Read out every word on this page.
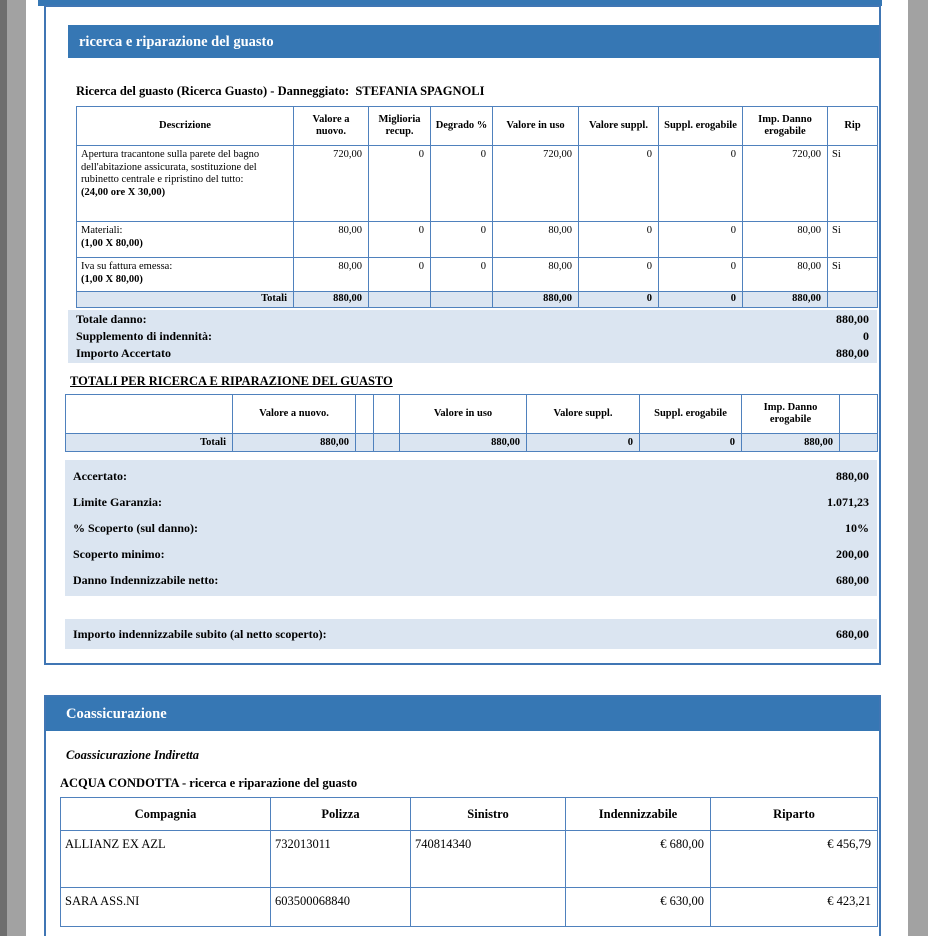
ricerca e riparazione del guasto
Ricerca del guasto (Ricerca Guasto) - Danneggiato:  STEFANIA SPAGNOLI
Descrizione	Valore a nuovo.	Miglioria recup.	Degrado %	Valore in uso	Valore suppl.	Suppl. erogabile	Imp. Danno erogabile	Rip
Apertura tracantone sulla parete del bagno dell'abitazione assicurata, sostituzione del rubinetto centrale e ripristino del tutto:
(24,00 ore X 30,00)	720,00	0	0	720,00	0	0	720,00	Si
Materiali:
(1,00 X 80,00)	80,00	0	0	80,00	0	0	80,00	Si
Iva su fattura emessa:
(1,00 X 80,00)	80,00	0	0	80,00	0	0	80,00	Si
Totali	880,00			880,00	0	0	880,00	
Totale danno:	880,00
Supplemento di indennità:	0
Importo Accertato	880,00
TOTALI PER RICERCA E RIPARAZIONE DEL GUASTO
	Valore a nuovo.			Valore in uso	Valore suppl.	Suppl. erogabile	Imp. Danno erogabile	
Totali	880,00			880,00	0	0	880,00	
Accertato:	880,00
Limite Garanzia:	1.071,23
% Scoperto (sul danno):	10%
Scoperto minimo:	200,00
Danno Indennizzabile netto:	680,00
Importo indennizzabile subito (al netto scoperto):	680,00
Coassicurazione
Coassicurazione Indiretta
ACQUA CONDOTTA - ricerca e riparazione del guasto
Compagnia	Polizza	Sinistro	Indennizzabile	Riparto
ALLIANZ EX AZL	732013011	740814340	€ 680,00	€ 456,79
SARA ASS.NI	603500068840		€ 630,00	€ 423,21
